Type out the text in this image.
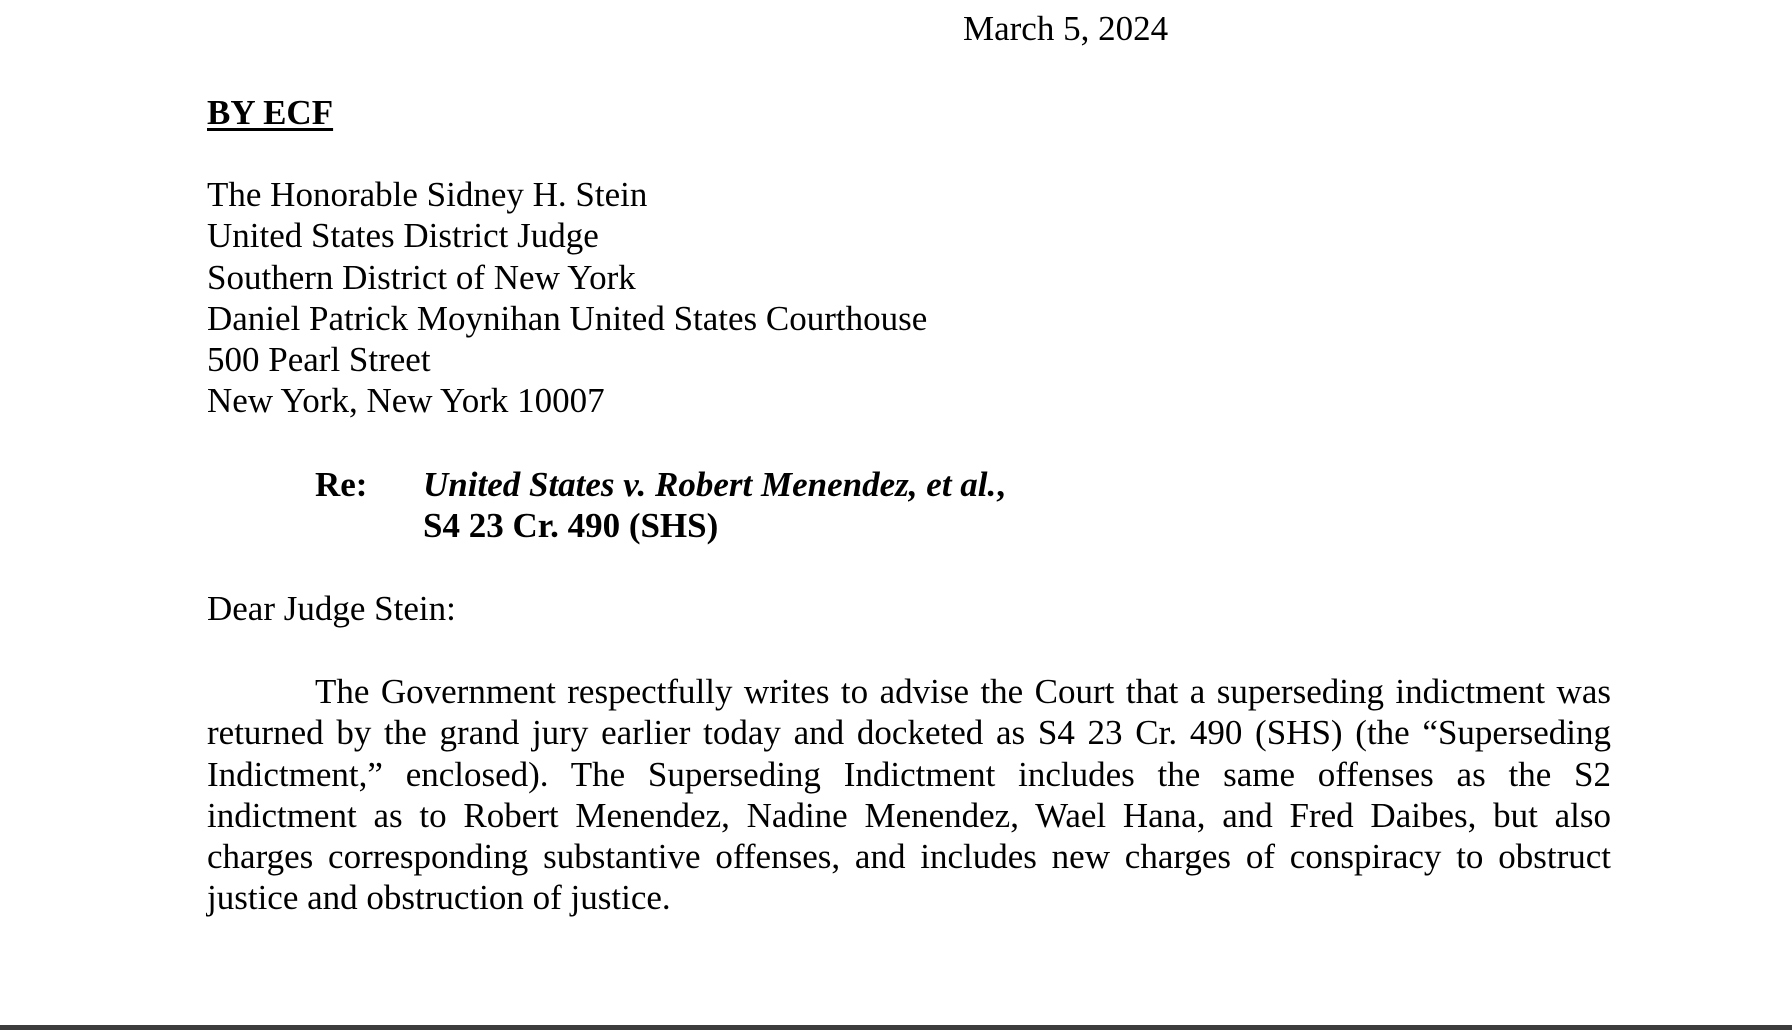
March 5, 2024
BY ECF
The Honorable Sidney H. Stein
United States District Judge
Southern District of New York
Daniel Patrick Moynihan United States Courthouse
500 Pearl Street
New York, New York 10007
Re: United States v. Robert Menendez, et al.,
S4 23 Cr. 490 (SHS)
Dear Judge Stein:
The Government respectfully writes to advise the Court that a superseding indictment was returned by the grand jury earlier today and docketed as S4 23 Cr. 490 (SHS) (the “Superseding Indictment,” enclosed). The Superseding Indictment includes the same offenses as the S2 indictment as to Robert Menendez, Nadine Menendez, Wael Hana, and Fred Daibes, but also charges corresponding substantive offenses, and includes new charges of conspiracy to obstruct justice and obstruction of justice.
